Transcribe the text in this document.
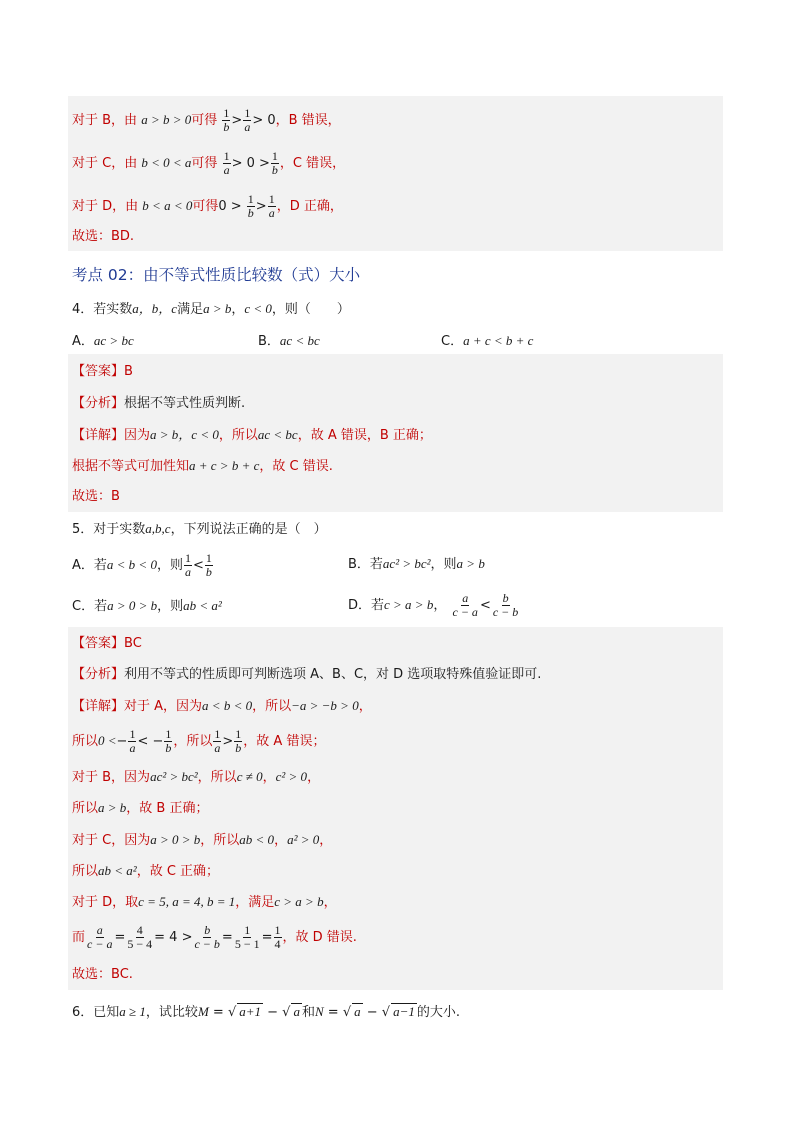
对于 B，由 a > b > 0可得 $\frac{1}{b} > \frac{1}{a} > 0$，B 错误，
对于 C，由 b < 0 < a可得 $\frac{1}{a} > 0 > \frac{1}{b}$ ，C 错误，
对于 D，由 b < a < 0可得$0 > \frac{1}{b} > \frac{1}{a}$ ，D 正确，
故选：BD.
考点 02：由不等式性质比较数（式）大小
4．若实数a，b，c满足a > b，c < 0，则（　　）
A．ac > bc	B．ac < bc	C．a + c < b + c
【答案】B
【分析】根据不等式性质判断.
【详解】因为a > b，c < 0，所以ac < bc，故 A 错误，B 正确；
根据不等式可加性知a + c > b + c，故 C 错误.
故选：B
5．对于实数a,b,c，下列说法正确的是（　）
A．若a < b < 0，则 $\frac{1}{a} < \frac{1}{b}$	B．若ac² > bc²，则a > b
C．若a > 0 > b，则ab < a²	D．若c > a > b， $\frac{a}{c - a} < \frac{b}{c - b}$
【答案】BC
【分析】利用不等式的性质即可判断选项 A、B、C，对 D 选项取特殊值验证即可.
【详解】对于 A，因为a < b < 0，所以−a > −b > 0，
所以$0 <- \frac{1}{a}$ < − $\frac{1}{b}$ ，所以 $\frac{1}{a} > \frac{1}{b}$ ，故 A 错误；
对于 B，因为ac² > bc²，所以c ≠ 0，c² > 0，
所以a > b，故 B 正确；
对于 C，因为a > 0 > b，所以ab < 0，a² > 0，
所以ab < a²，故 C 正确；
对于 D，取c = 5, a = 4, b = 1，满足c > a > b，
而 $\frac{a}{c - a} = \frac{4}{5 - 4} = 4 > \frac{b}{c - b} = \frac{1}{5 - 1} = \frac{1}{4}$ ，故 D 错误.
故选：BC.
6．已知a ≥ 1，试比较M = √ a+1 − √ a 和N = √ a − √ a−1 的大小.
